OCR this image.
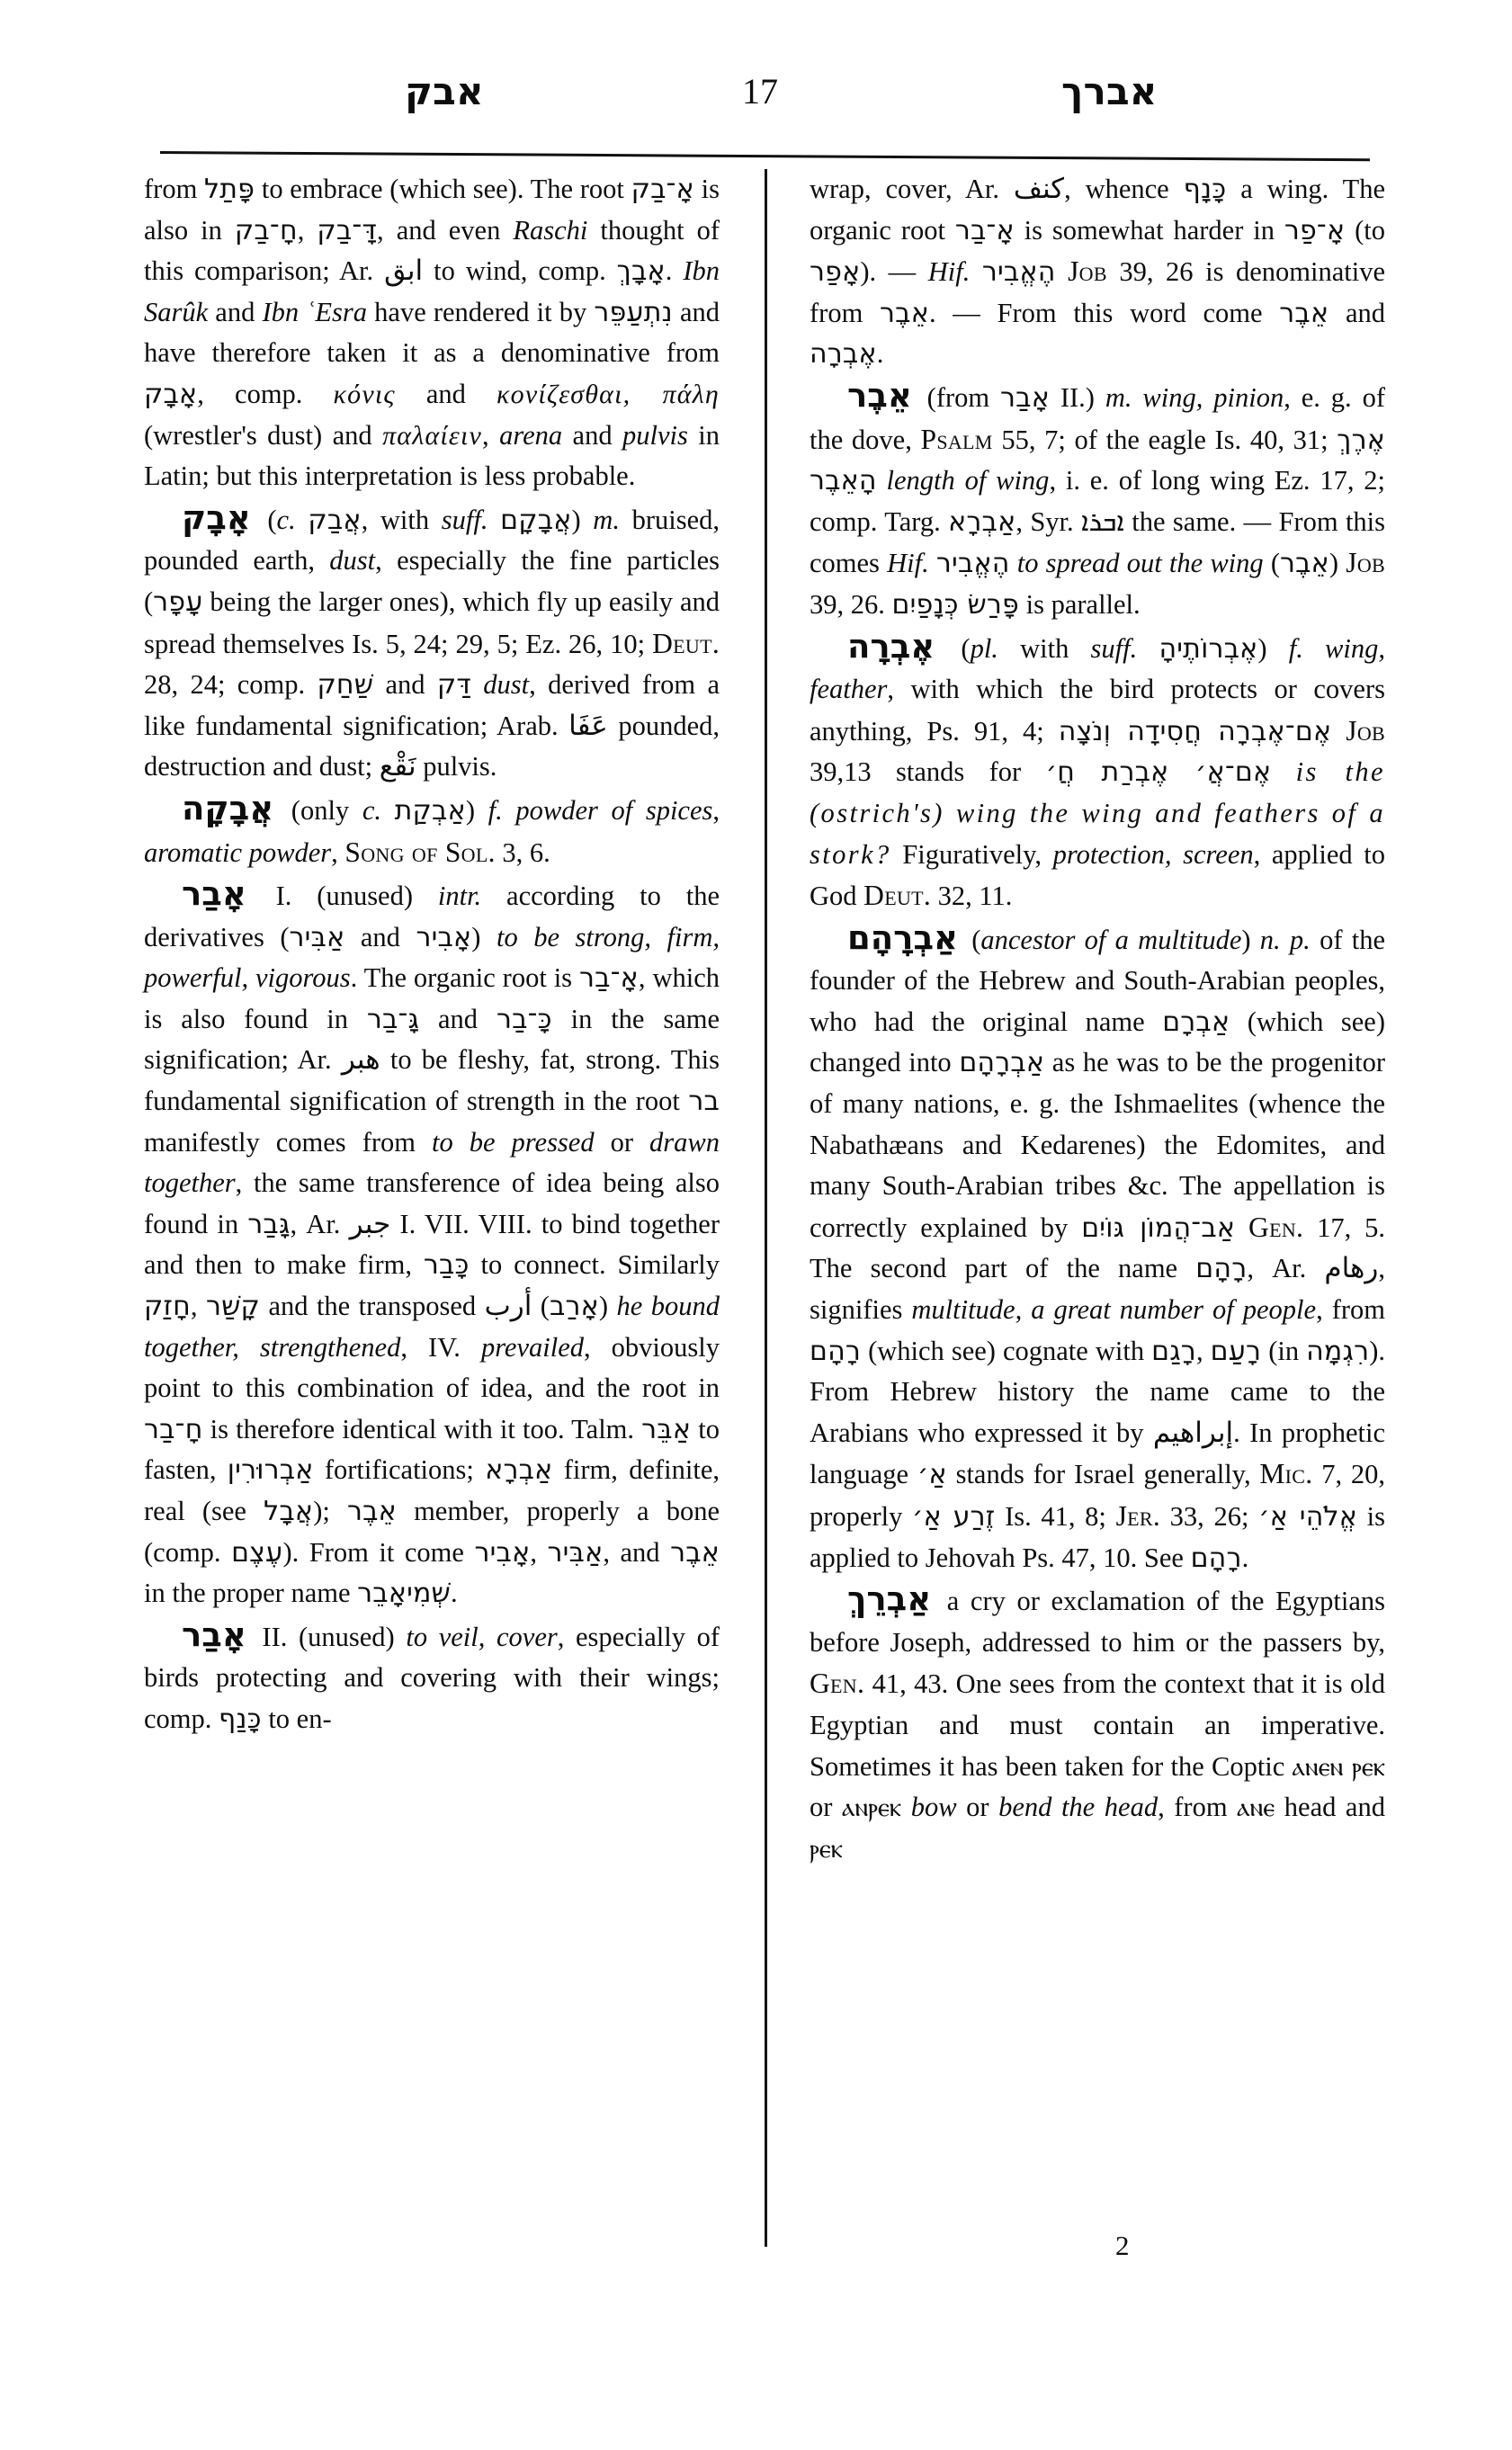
אבק	17	אברך

from פָּתַל to embrace (which see). The root אָ־בַק is also in חָ־בַק, דָּ־בַק, and even Raschi thought of this comparison; Ar. ابق to wind, comp. אָבָךְ. Ibn Sarûk and Ibn ʿEsra have rendered it by נִתְעַפֵּר and have therefore taken it as a denominative from אָבָק, comp. κόνις and κονίζεσθαι, πάλη (wrestler's dust) and παλαίειν, arena and pulvis in Latin; but this interpretation is less probable.

אָבָק (c. אֲבַק, with suff. אֲבָקָם) m. bruised, pounded earth, dust, especially the fine particles (עָפָר being the larger ones), which fly up easily and spread themselves Is. 5, 24; 29, 5; Ez. 26, 10; Deut. 28, 24; comp. שַׁחַק and דַּק dust, derived from a like fundamental signification; Arab. عَفَا pounded, destruction and dust; نَقْع pulvis.

אֲבָקָה (only c. אַבְקַת) f. powder of spices, aromatic powder, Song of Sol. 3, 6.

אָבַר I. (unused) intr. according to the derivatives (אַבִּיר and אָבִיר) to be strong, firm, powerful, vigorous. The organic root is אָ־בַר, which is also found in גָּ־בַר and כָּ־בַר in the same signification; Ar. هبر to be fleshy, fat, strong. This fundamental signification of strength in the root בר manifestly comes from to be pressed or drawn together, the same transference of idea being also found in גָּבַר, Ar. جبر I. VII. VIII. to bind together and then to make firm, כָּבַר to connect. Similarly חָזַק, קָשַׁר and the transposed أرب (אָרַב) he bound together, strengthened, IV. prevailed, obviously point to this combination of idea, and the root in חָ־בַר is therefore identical with it too. Talm. אַבֵּר to fasten, אַבְרוּרִין fortifications; אַבְרָא firm, definite, real (see אֲבָל); אֵבֶר member, properly a bone (comp. עֶצֶם). From it come אָבִיר, אַבִּיר, and אֵבֶר in the proper name שְׁמִיאָבֵר.

אָבַר II. (unused) to veil, cover, especially of birds protecting and covering with their wings; comp. כָּנַף to en-

wrap, cover, Ar. كنف, whence כָּנָף a wing. The organic root אָ־בַר is somewhat harder in אָ־פַר (to אָפַר). — Hif. הֶאֱבִיר Job 39, 26 is denominative from אֵבֶר. — From this word come אֵבֶר and אֶבְרָה.

אֵבֶר (from אָבַר II.) m. wing, pinion, e. g. of the dove, Psalm 55, 7; of the eagle Is. 40, 31; אֶרֶךְ הָאֵבֶר length of wing, i. e. of long wing Ez. 17, 2; comp. Targ. אַבְרָא, Syr. ܐܒܪܐ the same. — From this comes Hif. הֶאֱבִיר to spread out the wing (אֵבֶר) Job 39, 26. פָּרַשׂ כְּנָפַיִם is parallel.

אֶבְרָה (pl. with suff. אֶבְרוֹתֶיהָ) f. wing, feather, with which the bird protects or covers anything, Ps. 91, 4; אֶם־אֶבְרָה חֲסִידָה וְנֹצָה Job 39,13 stands for אֶם־אֲ׳ אֶבְרַת חֲ׳ is the (ostrich's) wing the wing and feathers of a stork? Figuratively, protection, screen, applied to God Deut. 32, 11.

אַבְרָהָם (ancestor of a multitude) n. p. of the founder of the Hebrew and South-Arabian peoples, who had the original name אַבְרָם (which see) changed into אַבְרָהָם as he was to be the progenitor of many nations, e. g. the Ishmaelites (whence the Nabathæans and Kedarenes) the Edomites, and many South-Arabian tribes &c. The appellation is correctly explained by אַב־הֲמוֹן גּוֹיִם Gen. 17, 5. The second part of the name רָהָם, Ar. رهام, signifies multitude, a great number of people, from רָהָם (which see) cognate with רָגַם, רָעַם (in רִגְמָה). From Hebrew history the name came to the Arabians who expressed it by إبراهيم. In prophetic language אַ׳ stands for Israel generally, Mic. 7, 20, properly זֶרַע אַ׳ Is. 41, 8; Jer. 33, 26; אֱלֹהֵי אַ׳ is applied to Jehovah Ps. 47, 10. See רָהָם.

אַבְרֵךְ a cry or exclamation of the Egyptians before Joseph, addressed to him or the passers by, Gen. 41, 43. One sees from the context that it is old Egyptian and must contain an imperative. Sometimes it has been taken for the Coptic ⲁⲛⲉⲛ ⲣⲉⲕ or ⲁⲛⲣⲉⲕ bow or bend the head, from ⲁⲛⲉ head and ⲣⲉⲕ

2
